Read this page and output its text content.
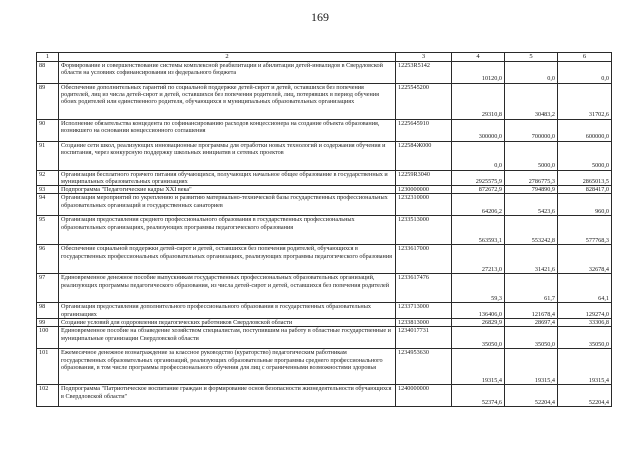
169
1	2	3	4	5	6
88	Формирование и совершенствование системы комплексной реабилитации и абилитации детей-инвалидов в Свердловской области на условиях софинансирования из федерального бюджета	12253R5142	10120,0	0,0	0,0
89	Обеспечение дополнительных гарантий по социальной поддержке детей-сирот и детей, оставшихся без попечения родителей, лиц из числа детей-сирот и детей, оставшихся без попечения родителей, лиц, потерявших в период обучения обоих родителей или единственного родителя, обучающихся в муниципальных образовательных организациях	1225545200	29310,8	30483,2	31702,6
90	Исполнение обязательства концедента по софинансированию расходов концессионера на создание объекта образования, возникшего на основании концессионного соглашения	1225645910	300000,0	700000,0	600000,0
91	Создание сети школ, реализующих инновационные программы для отработки новых технологий и содержания обучения и воспитания, через конкурсную поддержку школьных инициатив и сетевых проектов	122584Ж000	0,0	5000,0	5000,0
92	Организация бесплатного горячего питания обучающихся, получающих начальное общее образование в государственных и муниципальных образовательных организациях	12259R3040	2925575,9	2786775,3	2865013,5
93	Подпрограмма "Педагогические кадры XXI века"	1230000000	872672,9	794890,9	828417,0
94	Организация мероприятий по укреплению и развитию материально-технической базы государственных профессиональных образовательных организаций и государственных санаториев	1232310000	64206,2	5423,6	960,0
95	Организация предоставления среднего профессионального образования в государственных профессиональных образовательных организациях, реализующих программы педагогического образования	1233513000	563593,1	553242,8	577768,3
96	Обеспечение социальной поддержки детей-сирот и детей, оставшихся без попечения родителей, обучающихся в государственных профессиональных образовательных организациях, реализующих программы педагогического образования	1233617000	27213,0	31421,6	32678,4
97	Единовременное денежное пособие выпускникам государственных профессиональных образовательных организаций, реализующих программы педагогического образования, из числа детей-сирот и детей, оставшихся без попечения родителей	1233617476	59,3	61,7	64,1
98	Организация предоставления дополнительного профессионального образования в государственных образовательных организациях	1233713000	136406,0	121678,4	129274,0
99	Создание условий для оздоровления педагогических работников Свердловской области	1233813000	26829,9	28697,4	33306,8
100	Единовременное пособие на обзаведение хозяйством специалистам, поступившим на работу в областные государственные и муниципальные организации Свердловской области	1234017731	35050,0	35050,0	35050,0
101	Ежемесячное денежное вознаграждение за классное руководство (кураторство) педагогическим работникам государственных образовательных организаций, реализующих образовательные программы среднего профессионального образования, в том числе программы профессионального обучения для лиц с ограниченными возможностями здоровья	1234953630	19315,4	19315,4	19315,4
102	Подпрограмма "Патриотическое воспитание граждан и формирование основ безопасности жизнедеятельности обучающихся в Свердловской области"	1240000000	52374,6	52204,4	52204,4
